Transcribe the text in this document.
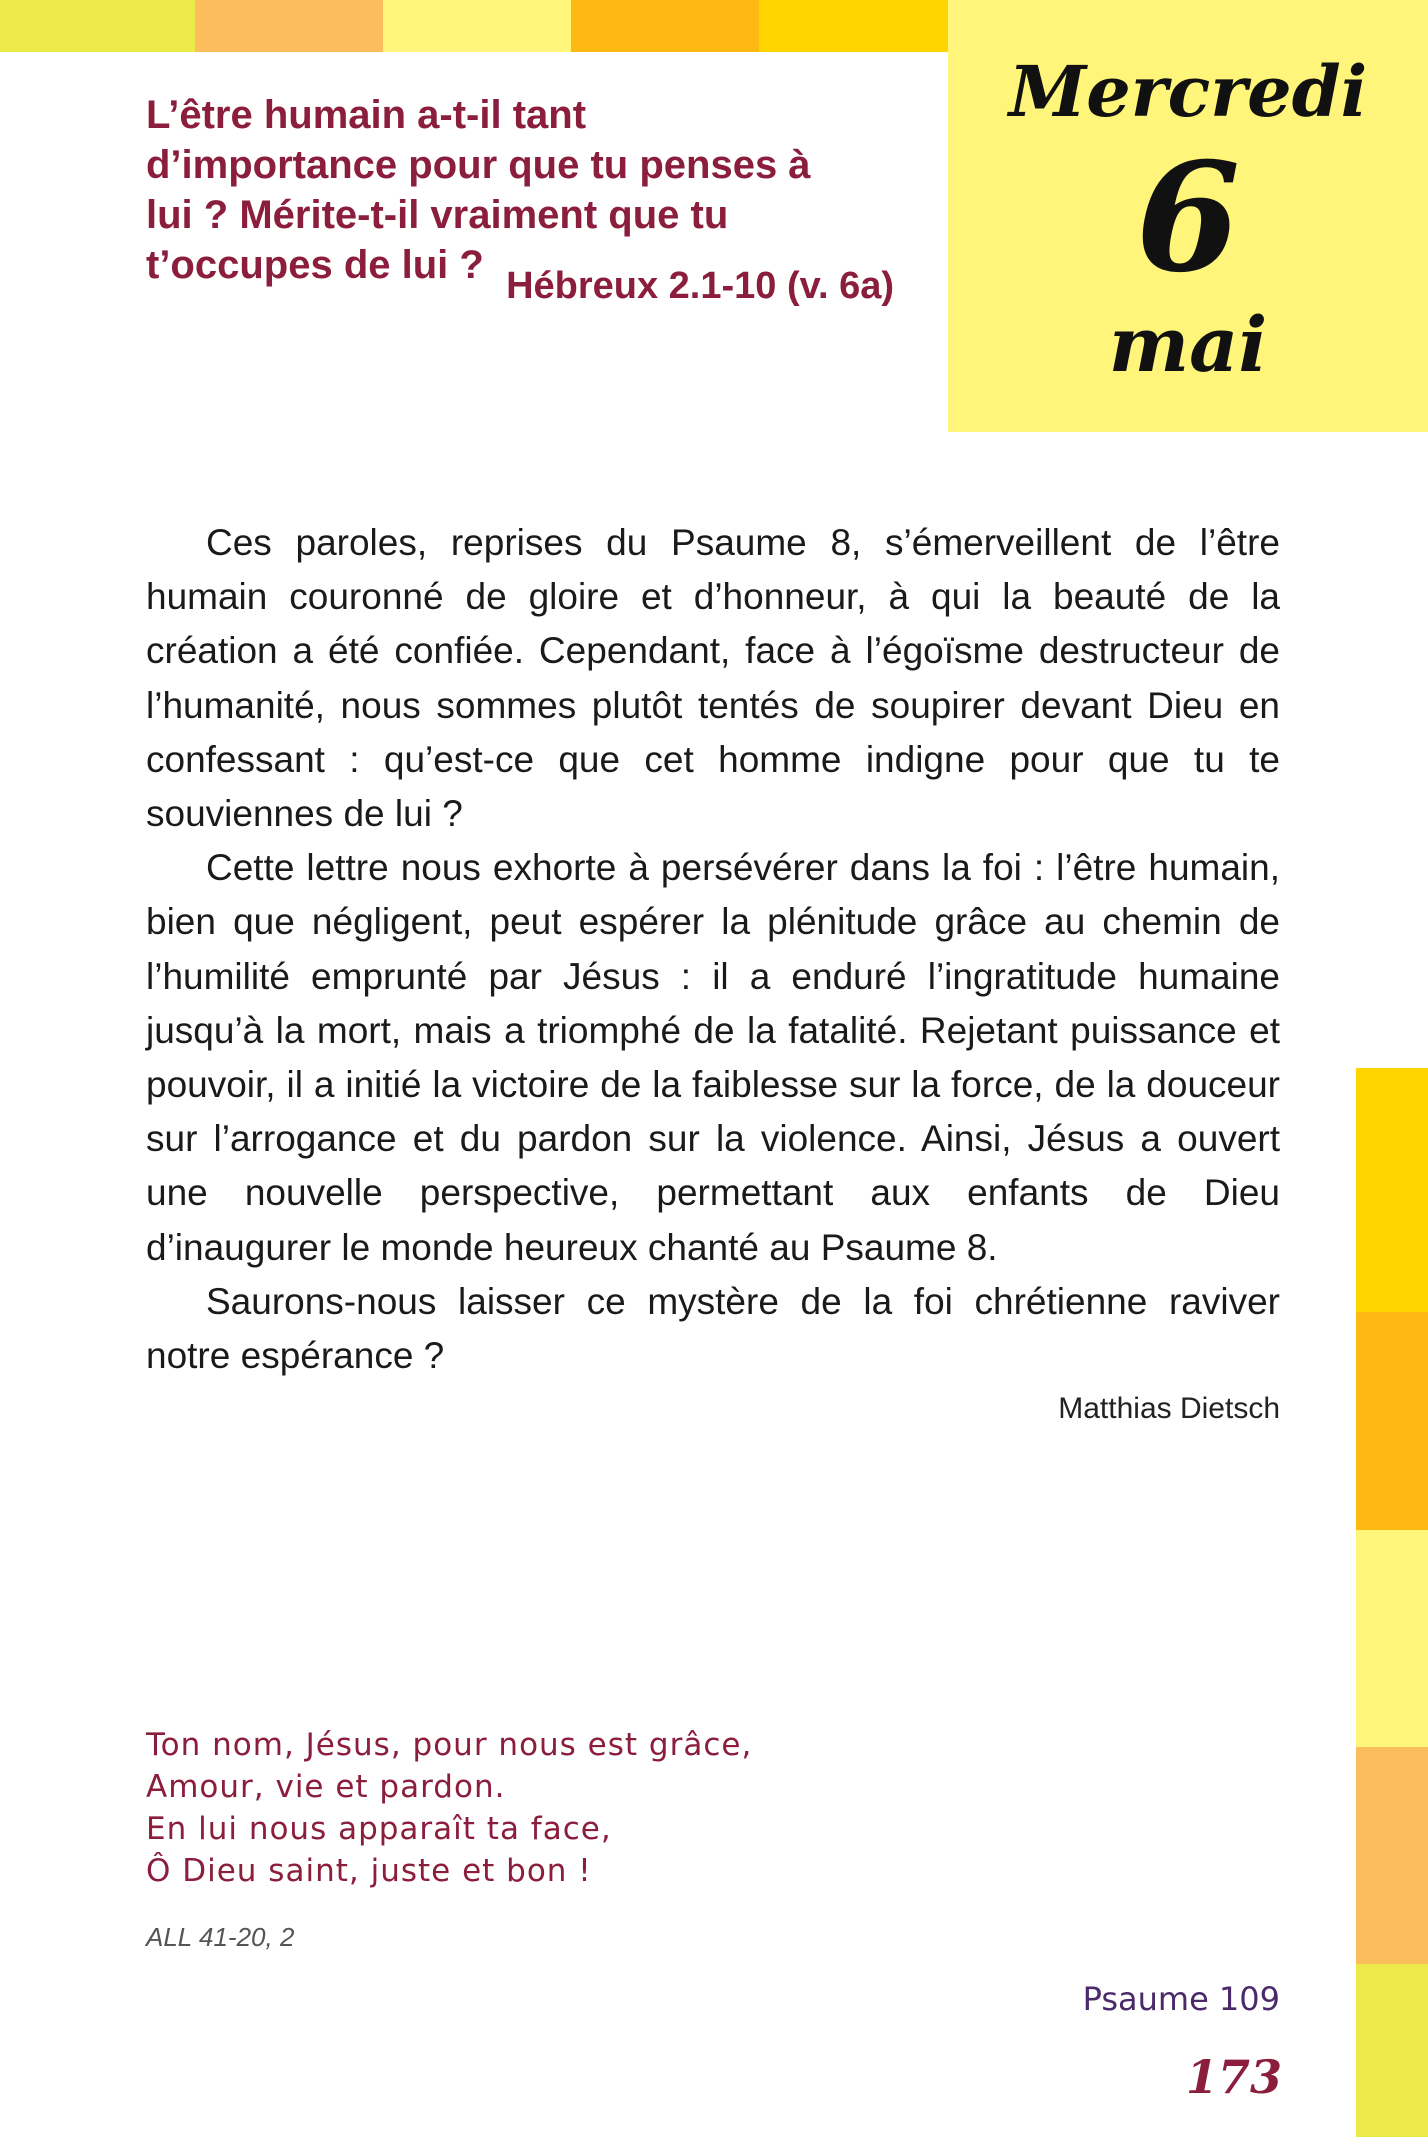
Mercredi
6
mai
L’être humain a-t-il tant d’importance pour que tu penses à lui ? Mérite-t-il vraiment que tu t’occupes de lui ? Hébreux 2.1-10 (v. 6a)

Ces paroles, reprises du Psaume 8, s’émerveillent de l’être humain couronné de gloire et d’honneur, à qui la beauté de la création a été confiée. Cependant, face à l’égoïsme destructeur de l’humanité, nous sommes plutôt tentés de soupirer devant Dieu en confessant : qu’est-ce que cet homme indigne pour que tu te souviennes de lui ?

Cette lettre nous exhorte à persévérer dans la foi : l’être humain, bien que négligent, peut espérer la plénitude grâce au chemin de l’humilité emprunté par Jésus : il a enduré l’ingratitude humaine jusqu’à la mort, mais a triomphé de la fatalité. Rejetant puissance et pouvoir, il a initié la victoire de la faiblesse sur la force, de la douceur sur l’arrogance et du pardon sur la violence. Ainsi, Jésus a ouvert une nouvelle perspective, permettant aux enfants de Dieu d’inaugurer le monde heureux chanté au Psaume 8.

Saurons-nous laisser ce mystère de la foi chrétienne raviver notre espérance ?

Matthias Dietsch
Ton nom, Jésus, pour nous est grâce,
Amour, vie et pardon.
En lui nous apparaît ta face,
Ô Dieu saint, juste et bon !
ALL 41-20, 2
Psaume 109
173
